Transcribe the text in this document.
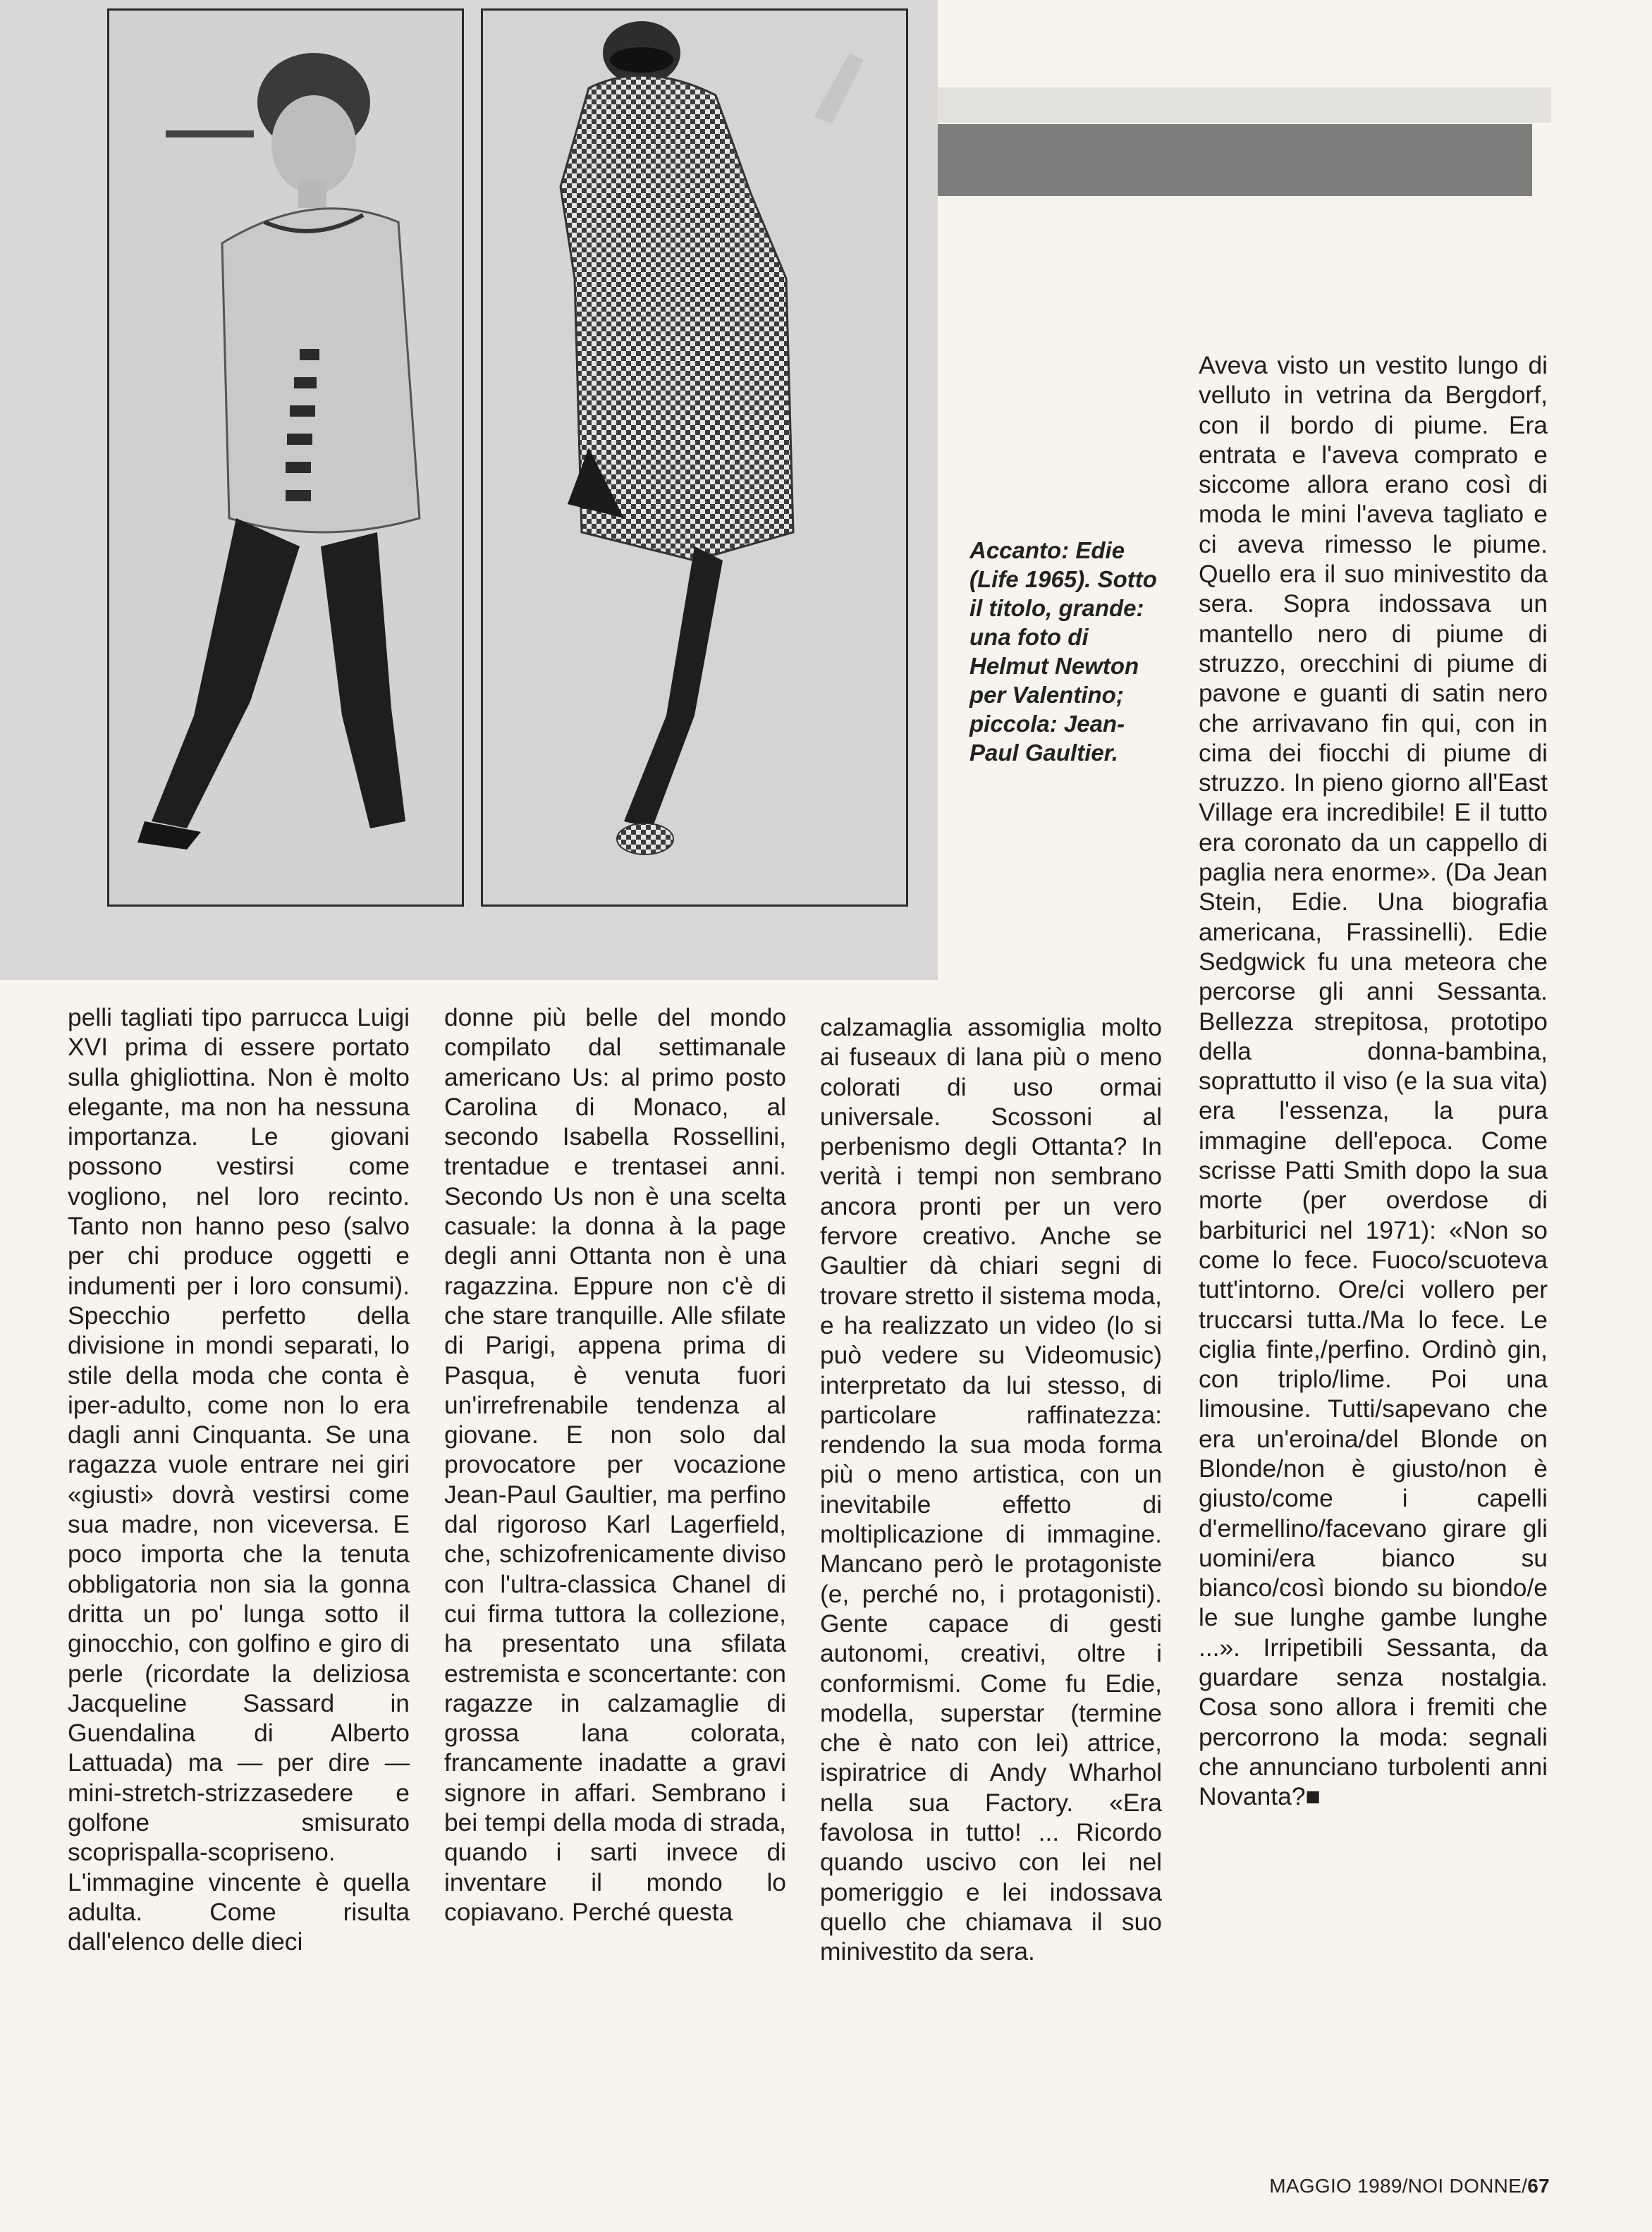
Accanto: Edie (Life 1965). Sotto il titolo, grande: una foto di Helmut Newton per Valentino; piccola: Jean-Paul Gaultier.

pelli tagliati tipo parrucca Luigi XVI prima di essere portato sulla ghigliottina. Non è molto elegante, ma non ha nessuna importanza. Le giovani possono vestirsi come vogliono, nel loro recinto. Tanto non hanno peso (salvo per chi produce oggetti e indumenti per i loro consumi). Specchio perfetto della divisione in mondi separati, lo stile della moda che conta è iper-adulto, come non lo era dagli anni Cinquanta. Se una ragazza vuole entrare nei giri «giusti» dovrà vestirsi come sua madre, non viceversa. E poco importa che la tenuta obbligatoria non sia la gonna dritta un po' lunga sotto il ginocchio, con golfino e giro di perle (ricordate la deliziosa Jacqueline Sassard in Guendalina di Alberto Lattuada) ma — per dire — mini-stretch-strizzasedere e golfone smisurato scoprispalla-scopriseno. L'immagine vincente è quella adulta. Come risulta dall'elenco delle dieci

donne più belle del mondo compilato dal settimanale americano Us: al primo posto Carolina di Monaco, al secondo Isabella Rossellini, trentadue e trentasei anni. Secondo Us non è una scelta casuale: la donna à la page degli anni Ottanta non è una ragazzina. Eppure non c'è di che stare tranquille. Alle sfilate di Parigi, appena prima di Pasqua, è venuta fuori un'irrefrenabile tendenza al giovane. E non solo dal provocatore per vocazione Jean-Paul Gaultier, ma perfino dal rigoroso Karl Lagerfield, che, schizofrenicamente diviso con l'ultra-classica Chanel di cui firma tuttora la collezione, ha presentato una sfilata estremista e sconcertante: con ragazze in calzamaglie di grossa lana colorata, francamente inadatte a gravi signore in affari. Sembrano i bei tempi della moda di strada, quando i sarti invece di inventare il mondo lo copiavano. Perché questa

calzamaglia assomiglia molto ai fuseaux di lana più o meno colorati di uso ormai universale. Scossoni al perbenismo degli Ottanta? In verità i tempi non sembrano ancora pronti per un vero fervore creativo. Anche se Gaultier dà chiari segni di trovare stretto il sistema moda, e ha realizzato un video (lo si può vedere su Videomusic) interpretato da lui stesso, di particolare raffinatezza: rendendo la sua moda forma più o meno artistica, con un inevitabile effetto di moltiplicazione di immagine. Mancano però le protagoniste (e, perché no, i protagonisti). Gente capace di gesti autonomi, creativi, oltre i conformismi. Come fu Edie, modella, superstar (termine che è nato con lei) attrice, ispiratrice di Andy Wharhol nella sua Factory. «Era favolosa in tutto! ... Ricordo quando uscivo con lei nel pomeriggio e lei indossava quello che chiamava il suo minivestito da sera.

Aveva visto un vestito lungo di velluto in vetrina da Bergdorf, con il bordo di piume. Era entrata e l'aveva comprato e siccome allora erano così di moda le mini l'aveva tagliato e ci aveva rimesso le piume. Quello era il suo minivestito da sera. Sopra indossava un mantello nero di piume di struzzo, orecchini di piume di pavone e guanti di satin nero che arrivavano fin qui, con in cima dei fiocchi di piume di struzzo. In pieno giorno all'East Village era incredibile! E il tutto era coronato da un cappello di paglia nera enorme». (Da Jean Stein, Edie. Una biografia americana, Frassinelli). Edie Sedgwick fu una meteora che percorse gli anni Sessanta. Bellezza strepitosa, prototipo della donna-bambina, soprattutto il viso (e la sua vita) era l'essenza, la pura immagine dell'epoca. Come scrisse Patti Smith dopo la sua morte (per overdose di barbiturici nel 1971): «Non so come lo fece. Fuoco/scuoteva tutt'intorno. Ore/ci vollero per truccarsi tutta./Ma lo fece. Le ciglia finte,/perfino. Ordinò gin, con triplo/lime. Poi una limousine. Tutti/sapevano che era un'eroina/del Blonde on Blonde/non è giusto/non è giusto/come i capelli d'ermellino/facevano girare gli uomini/era bianco su bianco/così biondo su biondo/e le sue lunghe gambe lunghe ...». Irripetibili Sessanta, da guardare senza nostalgia. Cosa sono allora i fremiti che percorrono la moda: segnali che annunciano turbolenti anni Novanta?■

MAGGIO 1989/NOI DONNE/67
